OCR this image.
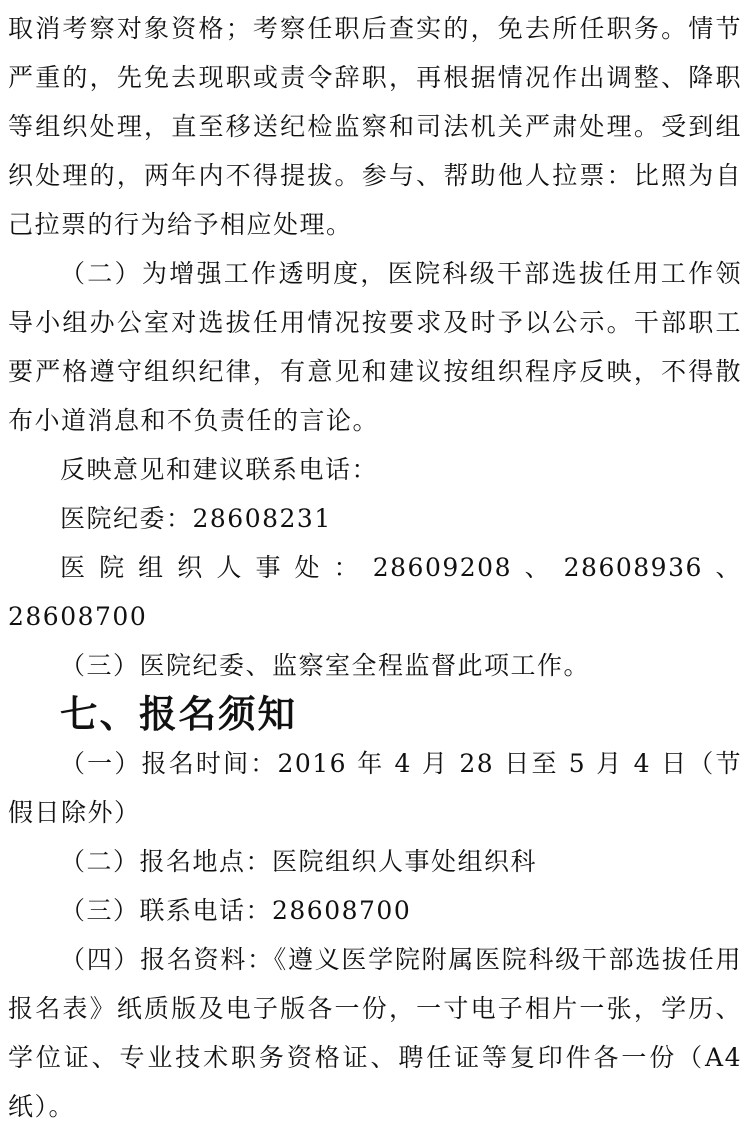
取消考察对象资格；考察任职后查实的，免去所任职务。情节严重的，先免去现职或责令辞职，再根据情况作出调整、降职等组织处理，直至移送纪检监察和司法机关严肃处理。受到组织处理的，两年内不得提拔。参与、帮助他人拉票：比照为自己拉票的行为给予相应处理。

（二）为增强工作透明度，医院科级干部选拔任用工作领导小组办公室对选拔任用情况按要求及时予以公示。干部职工要严格遵守组织纪律，有意见和建议按组织程序反映，不得散布小道消息和不负责任的言论。

反映意见和建议联系电话：

医院纪委：28608231

医院组织人事处：28609208、28608936、28608700

（三）医院纪委、监察室全程监督此项工作。

七、报名须知

（一）报名时间：2016 年 4 月 28 日至 5 月 4 日（节假日除外）

（二）报名地点：医院组织人事处组织科

（三）联系电话：28608700

（四）报名资料：《遵义医学院附属医院科级干部选拔任用报名表》纸质版及电子版各一份，一寸电子相片一张，学历、学位证、专业技术职务资格证、聘任证等复印件各一份（A4 纸）。
